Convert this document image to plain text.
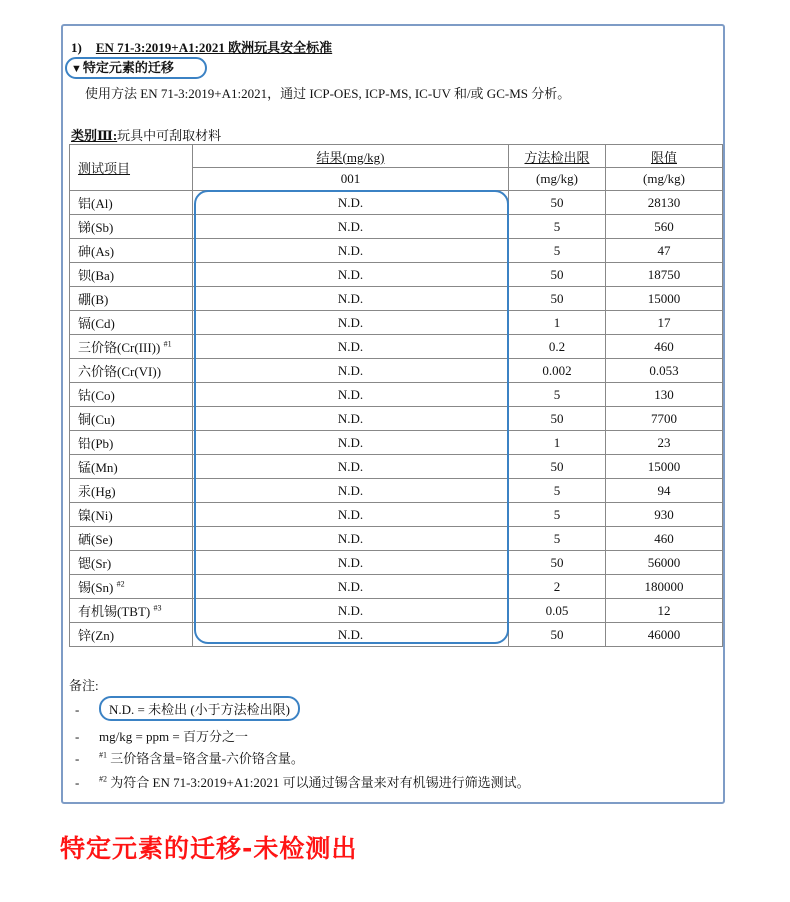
1) EN 71-3:2019+A1:2021 欧洲玩具安全标准
▼特定元素的迁移
使用方法 EN 71-3:2019+A1:2021，通过 ICP-OES, ICP-MS, IC-UV 和/或 GC-MS 分析。
类别Ⅲ:玩具中可刮取材料
测试项目	结果(mg/kg)	方法检出限	限值
	001	(mg/kg)	(mg/kg)
铝(Al)	N.D.	50	28130
锑(Sb)	N.D.	5	560
砷(As)	N.D.	5	47
钡(Ba)	N.D.	50	18750
硼(B)	N.D.	50	15000
镉(Cd)	N.D.	1	17
三价铬(Cr(III)) $^{\#1}$	N.D.	0.2	460
六价铬(Cr(VI))	N.D.	0.002	0.053
钴(Co)	N.D.	5	130
铜(Cu)	N.D.	50	7700
铅(Pb)	N.D.	1	23
锰(Mn)	N.D.	50	15000
汞(Hg)	N.D.	5	94
镍(Ni)	N.D.	5	930
硒(Se)	N.D.	5	460
锶(Sr)	N.D.	50	56000
锡(Sn) $^{\#2}$	N.D.	2	180000
有机锡(TBT) $^{\#3}$	N.D.	0.05	12
锌(Zn)	N.D.	50	46000
备注:
- N.D. = 未检出 (小于方法检出限)
- mg/kg = ppm = 百万分之一
- $^{\#1}$ 三价铬含量=铬含量-六价铬含量。
- $^{\#2}$ 为符合 EN 71-3:2019+A1:2021 可以通过锡含量来对有机锡进行筛选测试。
特定元素的迁移-未检测出
